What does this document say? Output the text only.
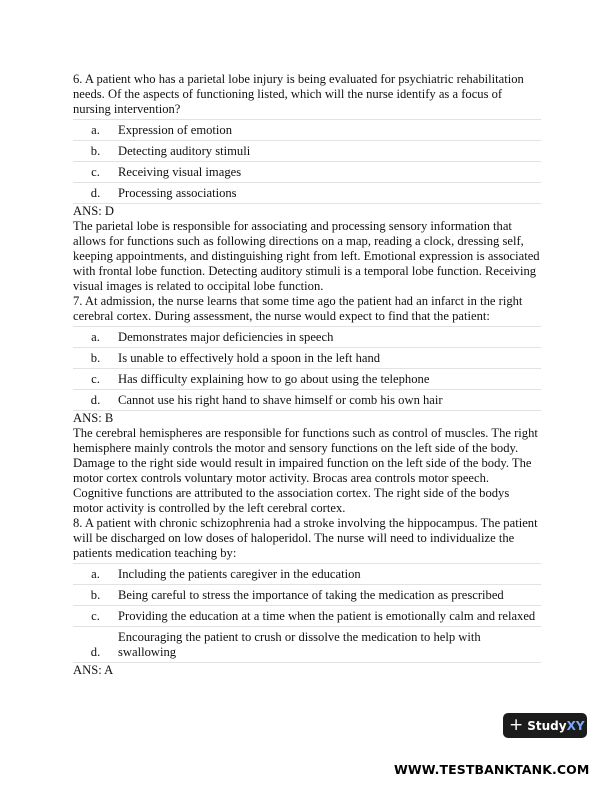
6. A patient who has a parietal lobe injury is being evaluated for psychiatric rehabilitation needs. Of the aspects of functioning listed, which will the nurse identify as a focus of nursing intervention?

a.	Expression of emotion
b.	Detecting auditory stimuli
c.	Receiving visual images
d.	Processing associations

ANS: D

The parietal lobe is responsible for associating and processing sensory information that allows for functions such as following directions on a map, reading a clock, dressing self, keeping appointments, and distinguishing right from left. Emotional expression is associated with frontal lobe function. Detecting auditory stimuli is a temporal lobe function. Receiving visual images is related to occipital lobe function.

7. At admission, the nurse learns that some time ago the patient had an infarct in the right cerebral cortex. During assessment, the nurse would expect to find that the patient:

a.	Demonstrates major deficiencies in speech
b.	Is unable to effectively hold a spoon in the left hand
c.	Has difficulty explaining how to go about using the telephone
d.	Cannot use his right hand to shave himself or comb his own hair

ANS: B

The cerebral hemispheres are responsible for functions such as control of muscles. The right hemisphere mainly controls the motor and sensory functions on the left side of the body. Damage to the right side would result in impaired function on the left side of the body. The motor cortex controls voluntary motor activity. Brocas area controls motor speech. Cognitive functions are attributed to the association cortex. The right side of the bodys motor activity is controlled by the left cerebral cortex.

8. A patient with chronic schizophrenia had a stroke involving the hippocampus. The patient will be discharged on low doses of haloperidol. The nurse will need to individualize the patients medication teaching by:

a.	Including the patients caregiver in the education
b.	Being careful to stress the importance of taking the medication as prescribed
c.	Providing the education at a time when the patient is emotionally calm and relaxed
d.	Encouraging the patient to crush or dissolve the medication to help with swallowing

ANS: A

+ StudyXY
WWW.TESTBANKTANK.COM
